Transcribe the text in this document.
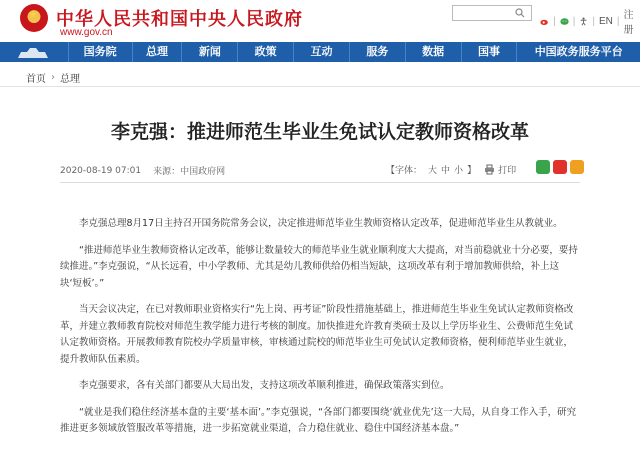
★
中华人民共和国中央人民政府
www.gov.cn
| | | EN | 注册
国务院	总理	新闻	政策	互动	服务	数据	国事	中国政务服务平台
首页 › 总理
李克强：推进师范生毕业生免试认定教师资格改革
2020-08-19 07:01 来源：中国政府网	【字体： 大 中 小 】 打印

李克强总理8月17日主持召开国务院常务会议，决定推进师范毕业生教师资格认定改革，促进师范毕业生从教就业。

“推进师范毕业生教师资格认定改革，能够让数量较大的师范毕业生就业顺利度大大提高，对当前稳就业十分必要，要持续推进。”李克强说，“从长远看，中小学教师、尤其是幼儿教师供给仍相当短缺，这项改革有利于增加教师供给，补上这块‘短板’。”

当天会议决定，在已对教师职业资格实行“先上岗、再考证”阶段性措施基础上，推进师范生毕业生免试认定教师资格改革，并建立教师教育院校对师范生教学能力进行考核的制度。加快推进允许教育类硕士及以上学历毕业生、公费师范生免试认定教师资格。开展教师教育院校办学质量审核，审核通过院校的师范毕业生可免试认定教师资格，便利师范毕业生就业，提升教师队伍素质。

李克强要求，各有关部门都要从大局出发，支持这项改革顺利推进，确保政策落实到位。

“就业是我们稳住经济基本盘的主要‘基本面’。”李克强说，“各部门都要围绕‘就业优先’这一大局，从自身工作入手，研究推进更多领域放管服改革等措施，进一步拓宽就业渠道，合力稳住就业、稳住中国经济基本盘。”
